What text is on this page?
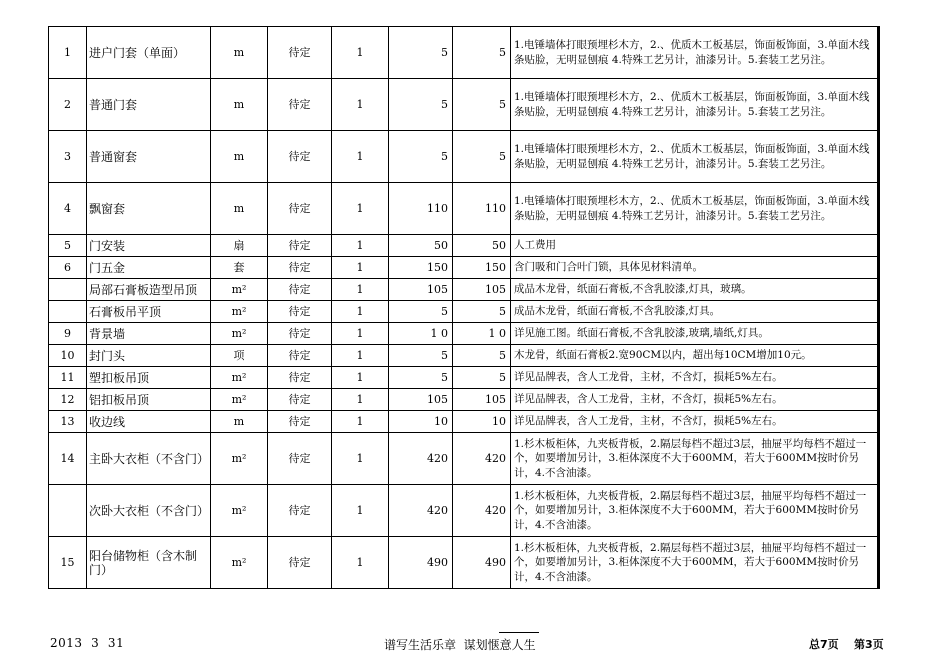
1	进户门套（单面）	m	待定	1	5	5	1.电锤墙体打眼预埋杉木方，2.、优质木工板基层，饰面板饰面，3.单面木线条贴脸，无明显刨痕 4.特殊工艺另计，油漆另计。5.套装工艺另注。
2	普通门套	m	待定	1	5	5	1.电锤墙体打眼预埋杉木方，2.、优质木工板基层，饰面板饰面，3.单面木线条贴脸，无明显刨痕 4.特殊工艺另计，油漆另计。5.套装工艺另注。
3	普通窗套	m	待定	1	5	5	1.电锤墙体打眼预埋杉木方，2.、优质木工板基层，饰面板饰面，3.单面木线条贴脸，无明显刨痕 4.特殊工艺另计，油漆另计。5.套装工艺另注。
4	飘窗套	m	待定	1	110	110	1.电锤墙体打眼预埋杉木方，2.、优质木工板基层，饰面板饰面，3.单面木线条贴脸，无明显刨痕 4.特殊工艺另计，油漆另计。5.套装工艺另注。
5	门安装	扇	待定	1	50	50	人工费用
6	门五金	套	待定	1	150	150	含门吸和门合叶门锁，具体见材料清单。
	局部石膏板造型吊顶	m²	待定	1	105	105	成品木龙骨，纸面石膏板,不含乳胶漆,灯具，玻璃。
	石膏板吊平顶	m²	待定	1	5	5	成品木龙骨，纸面石膏板,不含乳胶漆,灯具。
9	背景墙	m²	待定	1	1 0	1 0	详见施工图。纸面石膏板,不含乳胶漆,玻璃,墙纸,灯具。
10	封门头	项	待定	1	5	5	木龙骨，纸面石膏板2.宽90CM以内，超出每10CM增加10元。
11	塑扣板吊顶	m²	待定	1	5	5	详见品牌表，含人工龙骨，主材，不含灯，损耗5%左右。
12	铝扣板吊顶	m²	待定	1	105	105	详见品牌表，含人工龙骨，主材，不含灯，损耗5%左右。
13	收边线	m	待定	1	10	10	详见品牌表，含人工龙骨，主材，不含灯，损耗5%左右。
14	主卧大衣柜（不含门）	m²	待定	1	420	420	1.杉木板柜体，九夹板背板，2.隔层每档不超过3层，抽屉平均每档不超过一个，如要增加另计，3.柜体深度不大于600MM，若大于600MM按时价另计，4.不含油漆。
	次卧大衣柜（不含门）	m²	待定	1	420	420	1.杉木板柜体，九夹板背板，2.隔层每档不超过3层，抽屉平均每档不超过一个，如要增加另计，3.柜体深度不大于600MM，若大于600MM按时价另计，4.不含油漆。
15	阳台储物柜（含木制门）	m²	待定	1	490	490	1.杉木板柜体，九夹板背板，2.隔层每档不超过3层，抽屉平均每档不超过一个，如要增加另计，3.柜体深度不大于600MM，若大于600MM按时价另计，4.不含油漆。
2013  3  31	谱写生活乐章  谋划惬意人生	总7页    第3页
